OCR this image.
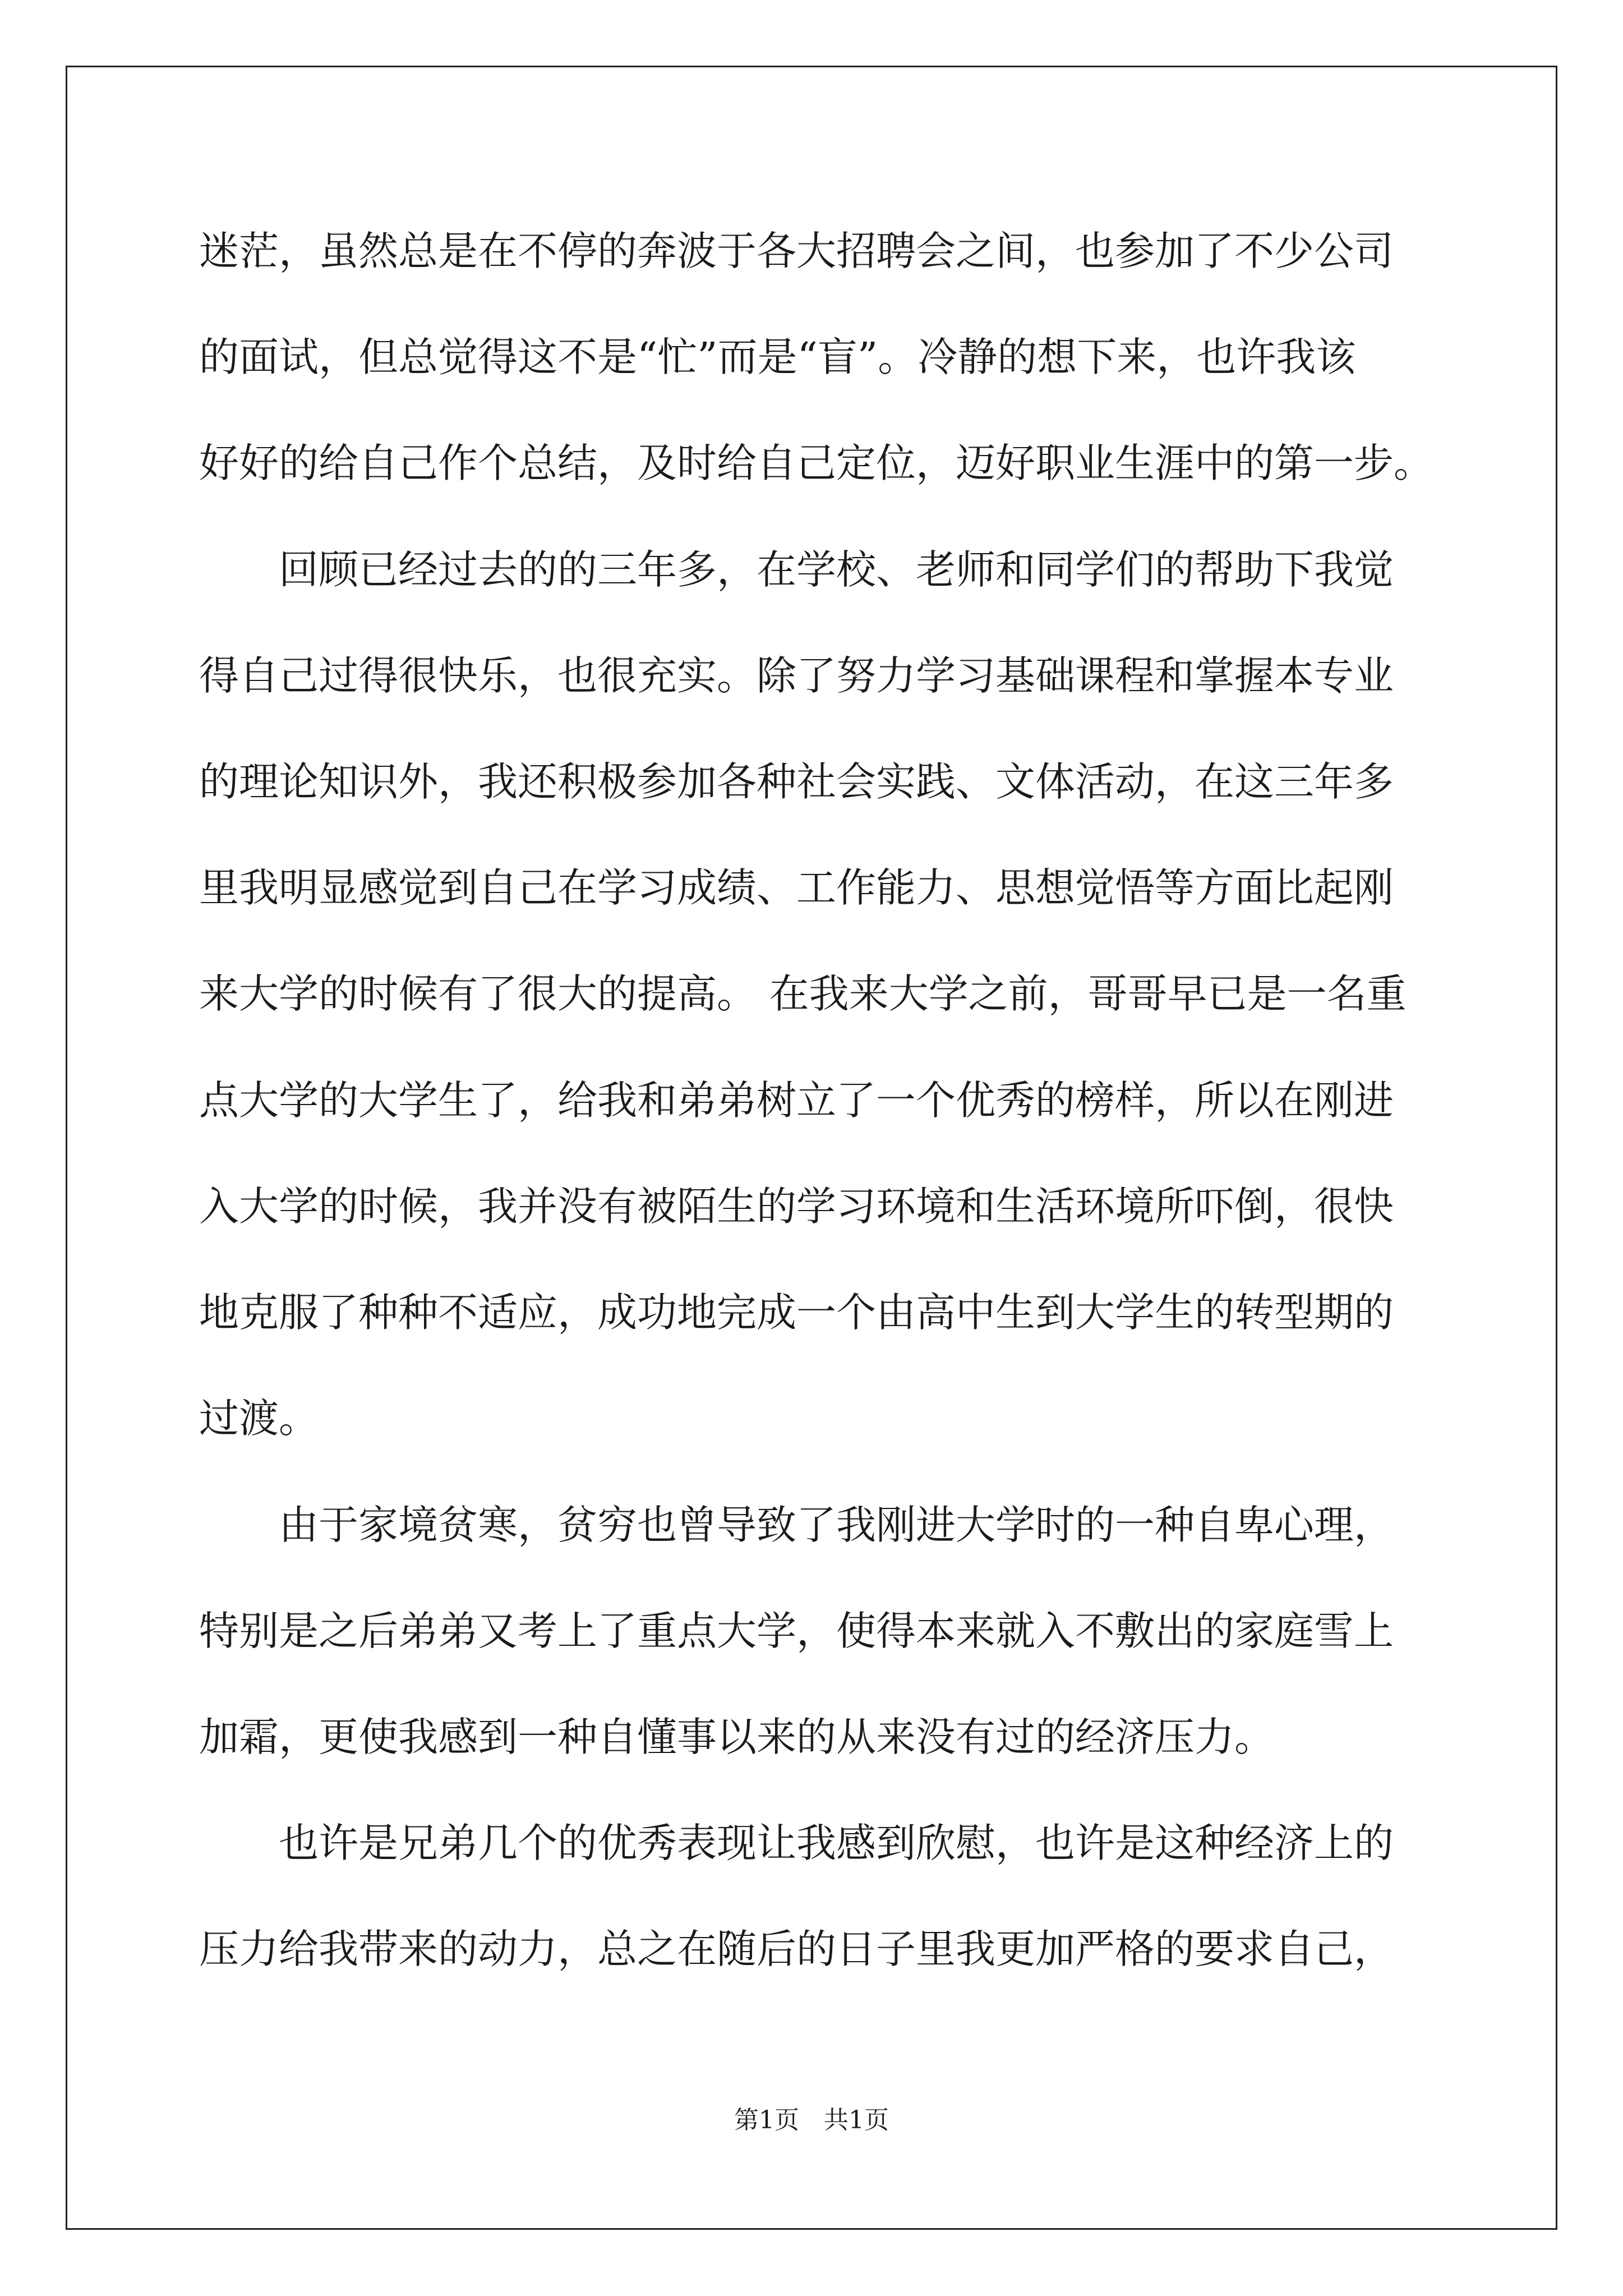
迷茫，虽然总是在不停的奔波于各大招聘会之间，也参加了不少公司
的面试，但总觉得这不是“忙”而是“盲”。冷静的想下来，也许我该
好好的给自己作个总结，及时给自己定位，迈好职业生涯中的第一步。
　　回顾已经过去的的三年多，在学校、老师和同学们的帮助下我觉
得自己过得很快乐，也很充实。除了努力学习基础课程和掌握本专业
的理论知识外，我还积极参加各种社会实践、文体活动，在这三年多
里我明显感觉到自己在学习成绩、工作能力、思想觉悟等方面比起刚
来大学的时候有了很大的提高。 在我来大学之前，哥哥早已是一名重
点大学的大学生了，给我和弟弟树立了一个优秀的榜样，所以在刚进
入大学的时候，我并没有被陌生的学习环境和生活环境所吓倒，很快
地克服了种种不适应，成功地完成一个由高中生到大学生的转型期的
过渡。
　　由于家境贫寒，贫穷也曾导致了我刚进大学时的一种自卑心理，
特别是之后弟弟又考上了重点大学，使得本来就入不敷出的家庭雪上
加霜，更使我感到一种自懂事以来的从来没有过的经济压力。
　　也许是兄弟几个的优秀表现让我感到欣慰，也许是这种经济上的
压力给我带来的动力，总之在随后的日子里我更加严格的要求自己，
第1页　共1页
